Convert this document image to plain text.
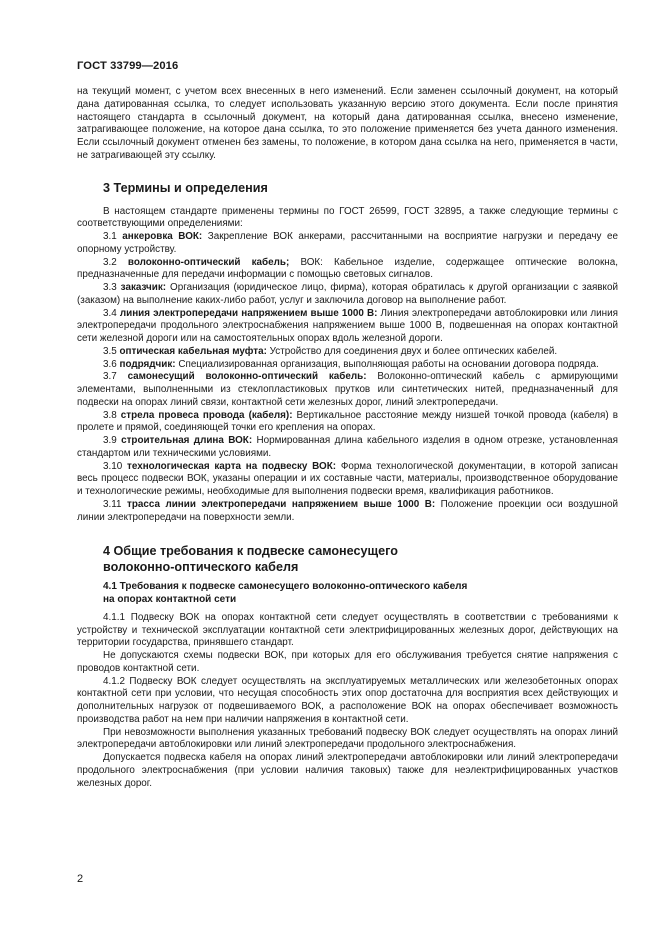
ГОСТ 33799—2016

на текущий момент, с учетом всех внесенных в него изменений. Если заменен ссылочный документ, на который дана датированная ссылка, то следует использовать указанную версию этого документа. Если после принятия настоящего стандарта в ссылочный документ, на который дана датированная ссылка, внесено изменение, затрагивающее положение, на которое дана ссылка, то это положение применяется без учета данного изменения. Если ссылочный документ отменен без замены, то положение, в котором дана ссылка на него, применяется в части, не затрагивающей эту ссылку.

3 Термины и определения

В настоящем стандарте применены термины по ГОСТ 26599, ГОСТ 32895, а также следующие термины с соответствующими определениями:

3.1 анкеровка ВОК: Закрепление ВОК анкерами, рассчитанными на восприятие нагрузки и передачу ее опорному устройству.

3.2 волоконно-оптический кабель; ВОК: Кабельное изделие, содержащее оптические волокна, предназначенные для передачи информации с помощью световых сигналов.

3.3 заказчик: Организация (юридическое лицо, фирма), которая обратилась к другой организации с заявкой (заказом) на выполнение каких-либо работ, услуг и заключила договор на выполнение работ.

3.4 линия электропередачи напряжением выше 1000 В: Линия электропередачи автоблокировки или линия электропередачи продольного электроснабжения напряжением выше 1000 В, подвешенная на опорах контактной сети железной дороги или на самостоятельных опорах вдоль железной дороги.

3.5 оптическая кабельная муфта: Устройство для соединения двух и более оптических кабелей.

3.6 подрядчик: Специализированная организация, выполняющая работы на основании договора подряда.

3.7 самонесущий волоконно-оптический кабель: Волоконно-оптический кабель с армирующими элементами, выполненными из стеклопластиковых прутков или синтетических нитей, предназначенный для подвески на опорах линий связи, контактной сети железных дорог, линий электропередачи.

3.8 стрела провеса провода (кабеля): Вертикальное расстояние между низшей точкой провода (кабеля) в пролете и прямой, соединяющей точки его крепления на опорах.

3.9 строительная длина ВОК: Нормированная длина кабельного изделия в одном отрезке, установленная стандартом или техническими условиями.

3.10 технологическая карта на подвеску ВОК: Форма технологической документации, в которой записан весь процесс подвески ВОК, указаны операции и их составные части, материалы, производственное оборудование и технологические режимы, необходимые для выполнения подвески время, квалификация работников.

3.11 трасса линии электропередачи напряжением выше 1000 В: Положение проекции оси воздушной линии электропередачи на поверхности земли.

4 Общие требования к подвеске самонесущего
волоконно-оптического кабеля
4.1 Требования к подвеске самонесущего волоконно-оптического кабеля
на опорах контактной сети

4.1.1 Подвеску ВОК на опорах контактной сети следует осуществлять в соответствии с требованиями к устройству и технической эксплуатации контактной сети электрифицированных железных дорог, действующих на территории государства, принявшего стандарт.

Не допускаются схемы подвески ВОК, при которых для его обслуживания требуется снятие напряжения с проводов контактной сети.

4.1.2 Подвеску ВОК следует осуществлять на эксплуатируемых металлических или железобетонных опорах контактной сети при условии, что несущая способность этих опор достаточна для восприятия всех действующих и дополнительных нагрузок от подвешиваемого ВОК, а расположение ВОК на опорах обеспечивает возможность производства работ на нем при наличии напряжения в контактной сети.

При невозможности выполнения указанных требований подвеску ВОК следует осуществлять на опорах линий электропередачи автоблокировки или линий электропередачи продольного электроснабжения.

Допускается подвеска кабеля на опорах линий электропередачи автоблокировки или линий электропередачи продольного электроснабжения (при условии наличия таковых) также для неэлектрифицированных участков железных дорог.

2
